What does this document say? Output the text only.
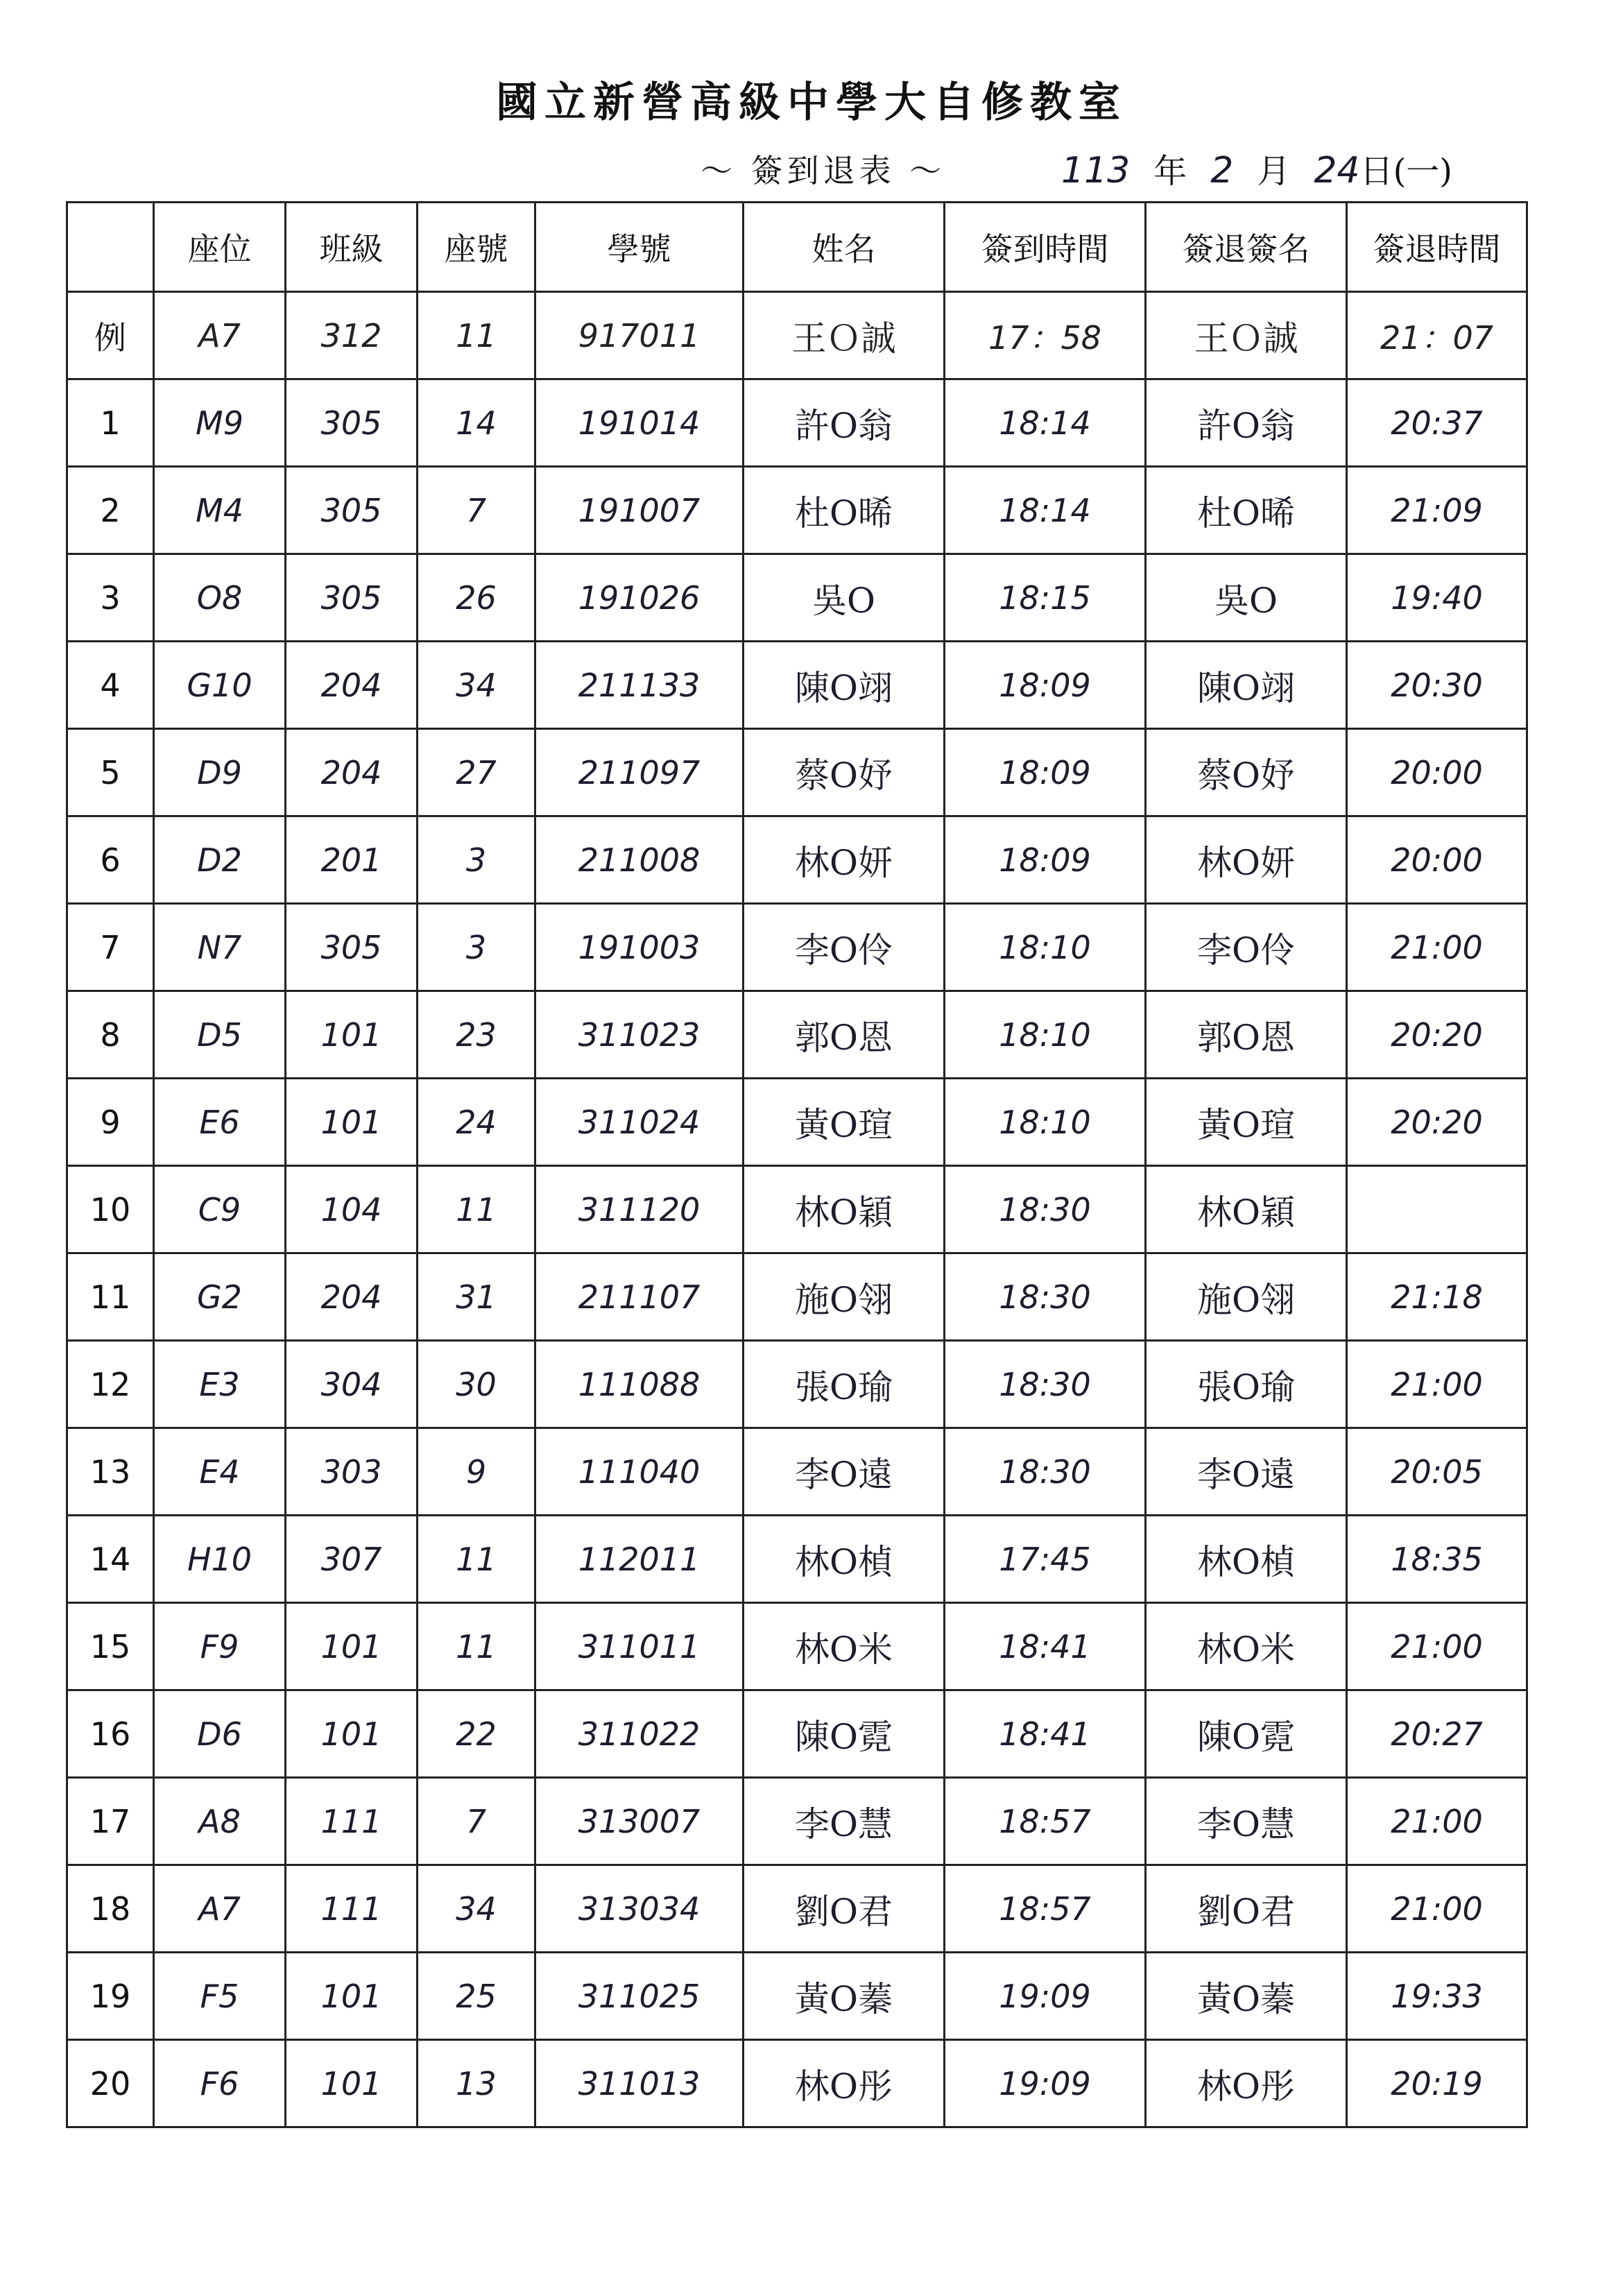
國立新營高級中學大自修教室
～ 簽到退表 ～	113 年 2 月 24 日 (一)
	座位	班級	座號	學號	姓名	簽到時間	簽退簽名	簽退時間
例	A7	312	11	917011	王Ｏ誠	17：58	王Ｏ誠	21：07
1	M9	305	14	191014	許O翁	18:14	許O翁	20:37
2	M4	305	7	191007	杜O晞	18:14	杜O晞	21:09
3	O8	305	26	191026	吳O	18:15	吳O	19:40
4	G10	204	34	211133	陳O翊	18:09	陳O翊	20:30
5	D9	204	27	211097	蔡O妤	18:09	蔡O妤	20:00
6	D2	201	3	211008	林O妍	18:09	林O妍	20:00
7	N7	305	3	191003	李O伶	18:10	李O伶	21:00
8	D5	101	23	311023	郭O恩	18:10	郭O恩	20:20
9	E6	101	24	311024	黃O瑄	18:10	黃O瑄	20:20
10	C9	104	11	311120	林O穎	18:30	林O穎	
11	G2	204	31	211107	施O翎	18:30	施O翎	21:18
12	E3	304	30	111088	張O瑜	18:30	張O瑜	21:00
13	E4	303	9	111040	李O遠	18:30	李O遠	20:05
14	H10	307	11	112011	林O楨	17:45	林O楨	18:35
15	F9	101	11	311011	林O米	18:41	林O米	21:00
16	D6	101	22	311022	陳O霓	18:41	陳O霓	20:27
17	A8	111	7	313007	李O慧	18:57	李O慧	21:00
18	A7	111	34	313034	劉O君	18:57	劉O君	21:00
19	F5	101	25	311025	黃O蓁	19:09	黃O蓁	19:33
20	F6	101	13	311013	林O彤	19:09	林O彤	20:19
